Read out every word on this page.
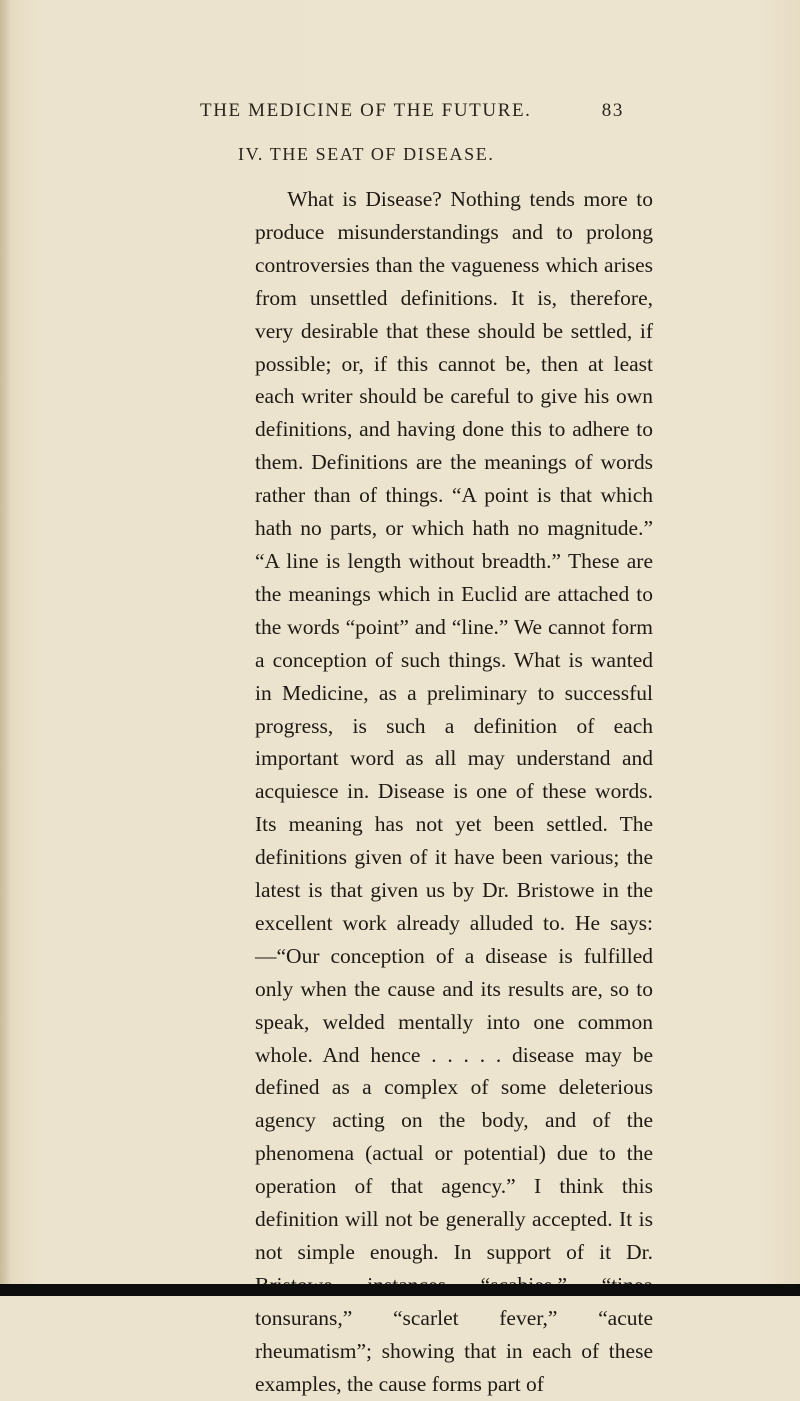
THE MEDICINE OF THE FUTURE.	83
IV. THE SEAT OF DISEASE.

What is Disease? Nothing tends more to produce misunderstandings and to prolong controversies than the vagueness which arises from unsettled definitions. It is, therefore, very desirable that these should be settled, if possible; or, if this cannot be, then at least each writer should be careful to give his own definitions, and having done this to adhere to them. Definitions are the meanings of words rather than of things. “A point is that which hath no parts, or which hath no magnitude.” “A line is length without breadth.” These are the meanings which in Euclid are attached to the words “point” and “line.” We cannot form a conception of such things. What is wanted in Medicine, as a preliminary to successful progress, is such a definition of each important word as all may understand and acquiesce in. Disease is one of these words. Its meaning has not yet been settled. The definitions given of it have been various; the latest is that given us by Dr. Bristowe in the excellent work already alluded to. He says:—“Our conception of a disease is fulfilled only when the cause and its results are, so to speak, welded mentally into one common whole. And hence . . . . . disease may be defined as a complex of some deleterious agency acting on the body, and of the phenomena (actual or potential) due to the operation of that agency.” I think this definition will not be generally accepted. It is not simple enough. In support of it Dr. tonsurans,” “scarlet fever,” “acute rheumatism”; showing that in each of these examples, the cause forms part of
